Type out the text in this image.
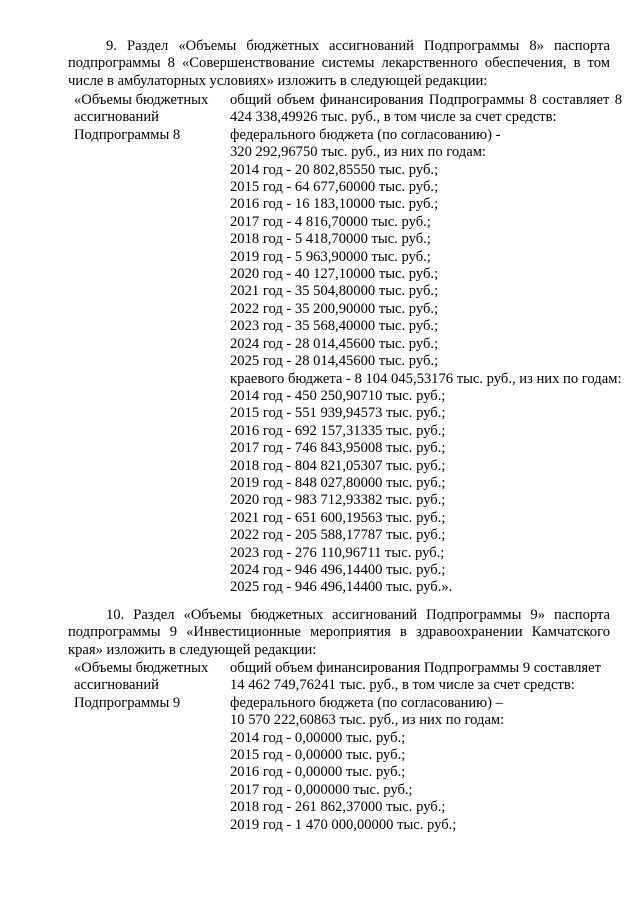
9. Раздел «Объемы бюджетных ассигнований Подпрограммы 8» паспорта подпрограммы 8 «Совершенствование системы лекарственного обеспечения, в том числе в амбулаторных условиях» изложить в следующей редакции:
«Объемы бюджетных
ассигнований
Подпрограммы 8
общий объем финансирования Подпрограммы 8 составляет 8 424 338,49926 тыс. руб., в том числе за счет средств:
федерального бюджета (по согласованию) -
320 292,96750 тыс. руб., из них по годам:
2014 год - 20 802,85550 тыс. руб.;
2015 год - 64 677,60000 тыс. руб.;
2016 год - 16 183,10000 тыс. руб.;
2017 год - 4 816,70000 тыс. руб.;
2018 год - 5 418,70000 тыс. руб.;
2019 год - 5 963,90000 тыс. руб.;
2020 год - 40 127,10000 тыс. руб.;
2021 год - 35 504,80000 тыс. руб.;
2022 год - 35 200,90000 тыс. руб.;
2023 год - 35 568,40000 тыс. руб.;
2024 год - 28 014,45600 тыс. руб.;
2025 год - 28 014,45600 тыс. руб.;
краевого бюджета - 8 104 045,53176 тыс. руб., из них по годам:
2014 год - 450 250,90710 тыс. руб.;
2015 год - 551 939,94573 тыс. руб.;
2016 год - 692 157,31335 тыс. руб.;
2017 год - 746 843,95008 тыс. руб.;
2018 год - 804 821,05307 тыс. руб.;
2019 год - 848 027,80000 тыс. руб.;
2020 год - 983 712,93382 тыс. руб.;
2021 год - 651 600,19563 тыс. руб.;
2022 год - 205 588,17787 тыс. руб.;
2023 год - 276 110,96711 тыс. руб.;
2024 год - 946 496,14400 тыс. руб.;
2025 год - 946 496,14400 тыс. руб.».
10. Раздел «Объемы бюджетных ассигнований Подпрограммы 9» паспорта подпрограммы 9 «Инвестиционные мероприятия в здравоохранении Камчатского края» изложить в следующей редакции:
«Объемы бюджетных
ассигнований
Подпрограммы 9
общий объем финансирования Подпрограммы 9 составляет
14 462 749,76241 тыс. руб., в том числе за счет средств:
федерального бюджета (по согласованию) –
10 570 222,60863 тыс. руб., из них по годам:
2014 год - 0,00000 тыс. руб.;
2015 год - 0,00000 тыс. руб.;
2016 год - 0,00000 тыс. руб.;
2017 год - 0,000000 тыс. руб.;
2018 год - 261 862,37000 тыс. руб.;
2019 год - 1 470 000,00000 тыс. руб.;
